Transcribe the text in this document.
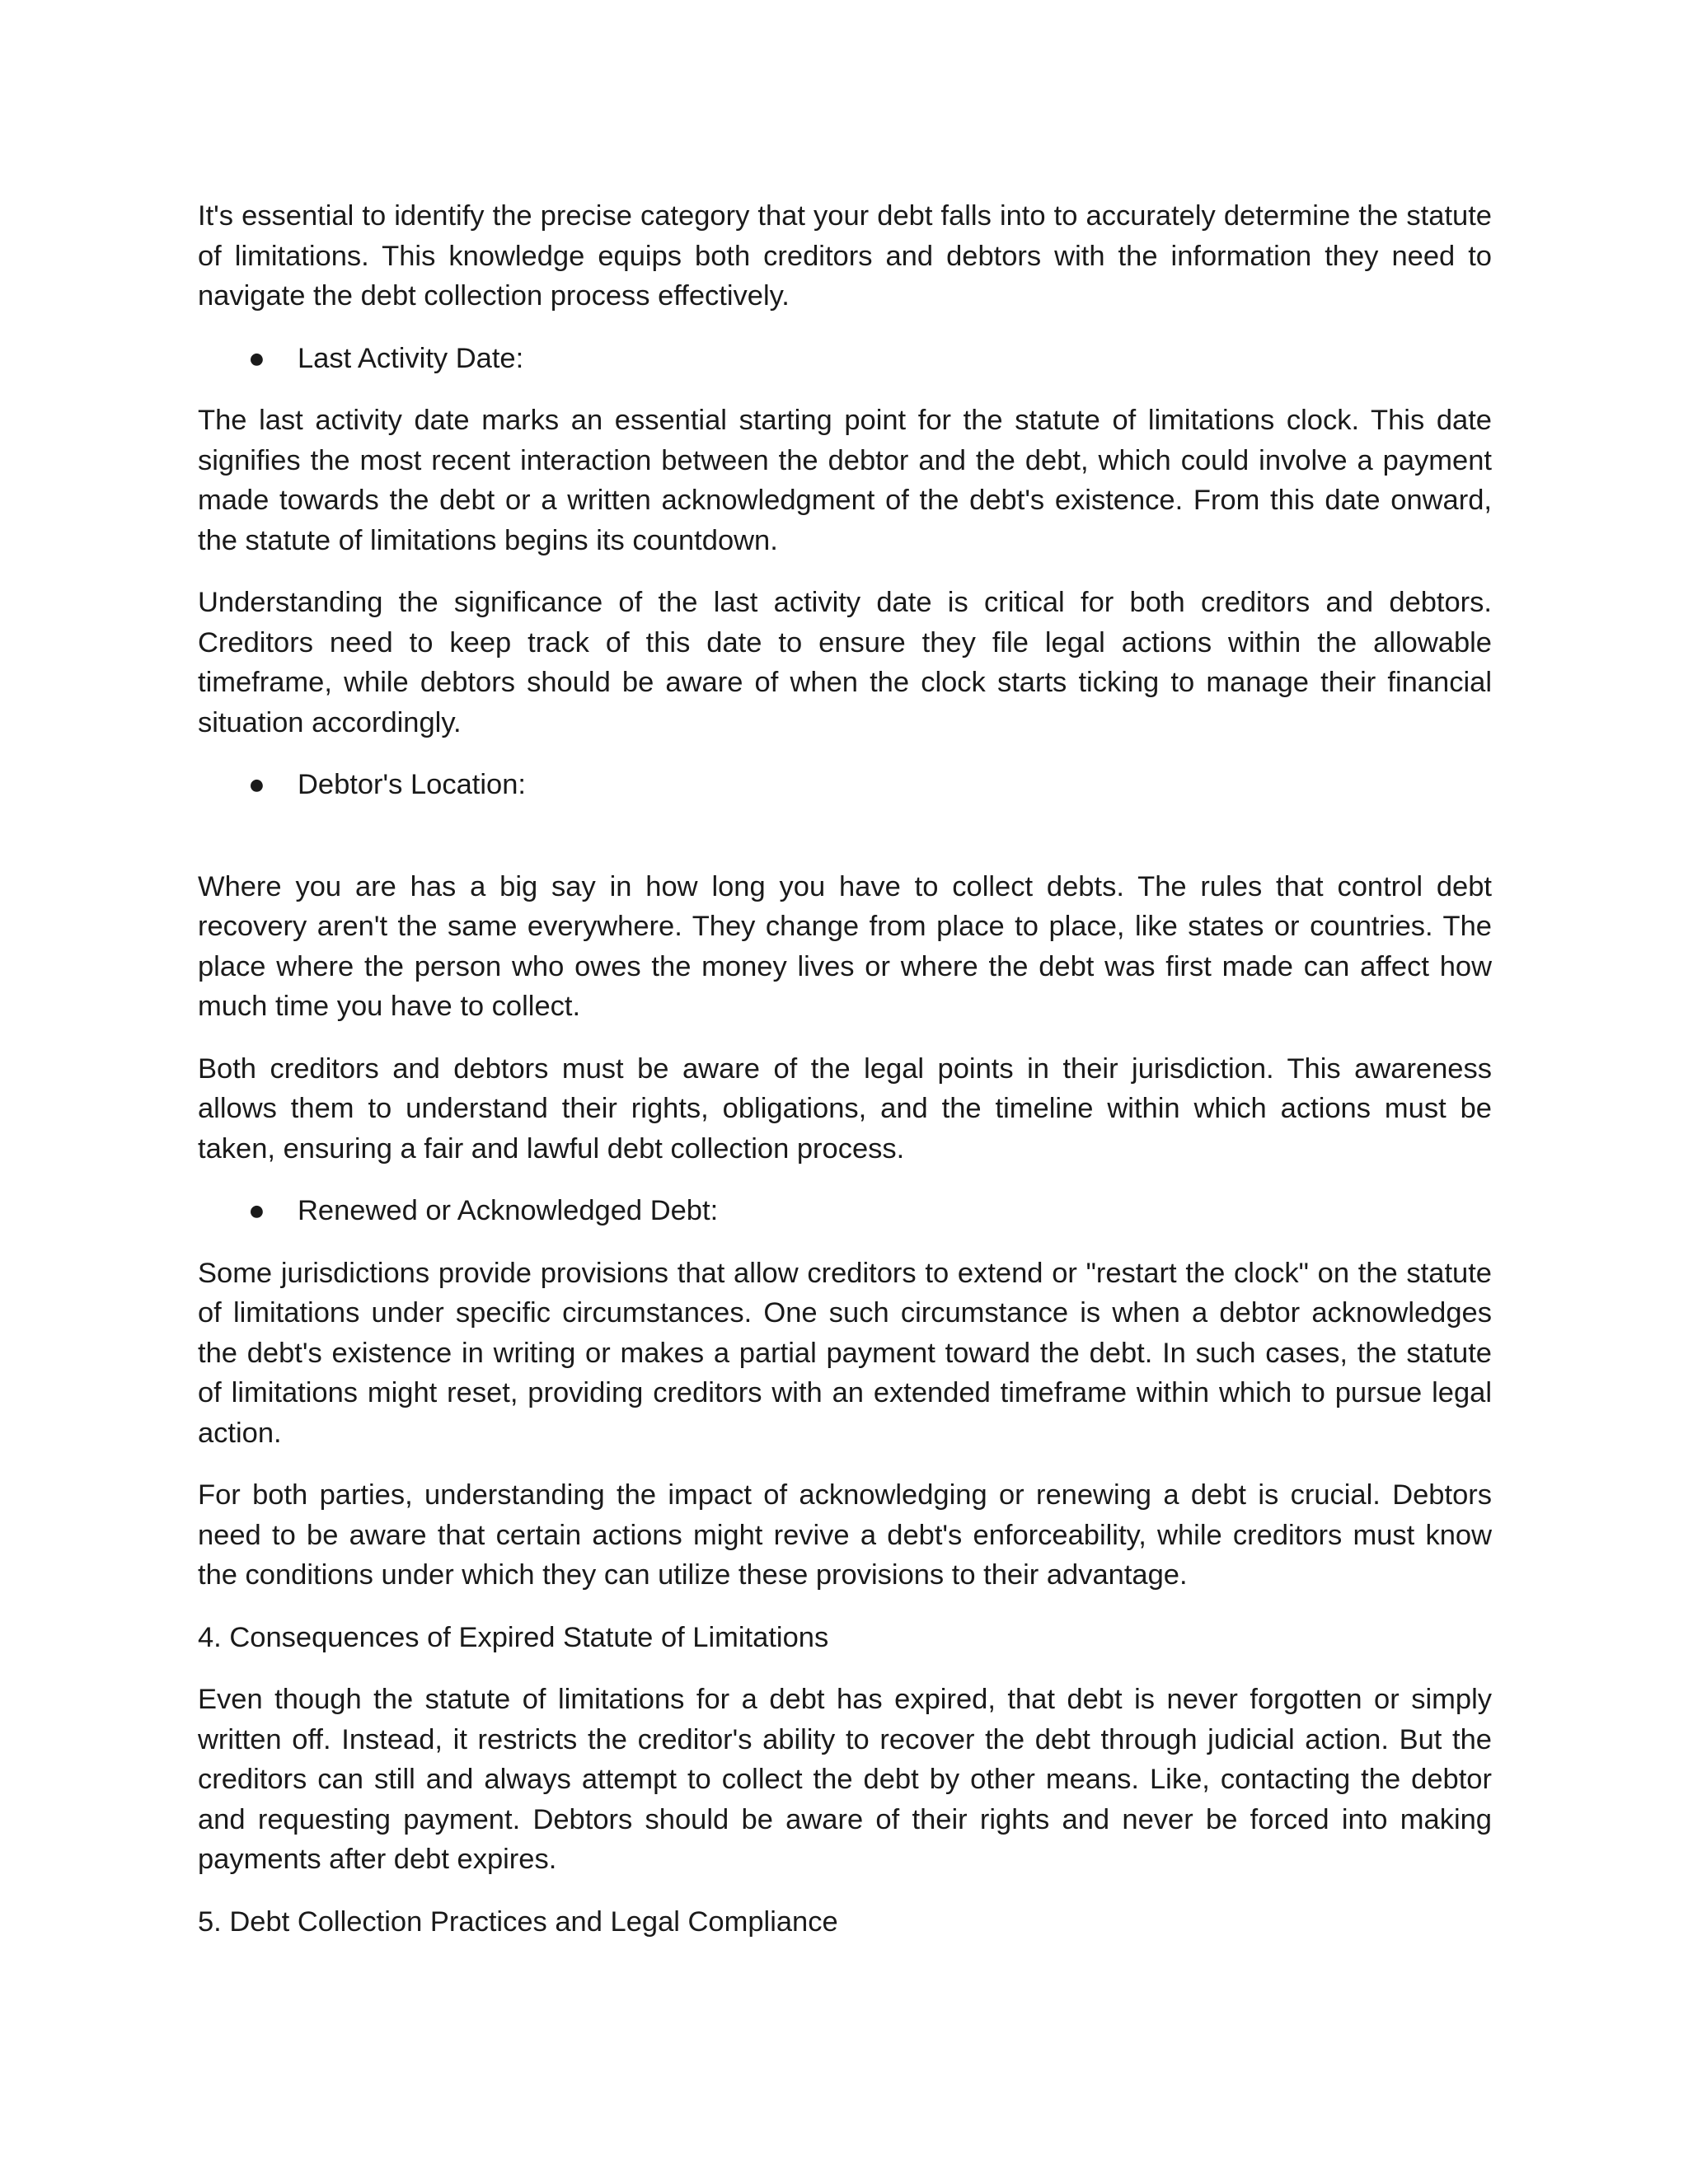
It's essential to identify the precise category that your debt falls into to accurately determine the statute of limitations. This knowledge equips both creditors and debtors with the information they need to navigate the debt collection process effectively.

●	Last Activity Date:

The last activity date marks an essential starting point for the statute of limitations clock. This date signifies the most recent interaction between the debtor and the debt, which could involve a payment made towards the debt or a written acknowledgment of the debt's existence. From this date onward, the statute of limitations begins its countdown.

Understanding the significance of the last activity date is critical for both creditors and debtors. Creditors need to keep track of this date to ensure they file legal actions within the allowable timeframe, while debtors should be aware of when the clock starts ticking to manage their financial situation accordingly.

●	Debtor's Location:

Where you are has a big say in how long you have to collect debts. The rules that control debt recovery aren't the same everywhere. They change from place to place, like states or countries. The place where the person who owes the money lives or where the debt was first made can affect how much time you have to collect.

Both creditors and debtors must be aware of the legal points in their jurisdiction. This awareness allows them to understand their rights, obligations, and the timeline within which actions must be taken, ensuring a fair and lawful debt collection process.

●	Renewed or Acknowledged Debt:

Some jurisdictions provide provisions that allow creditors to extend or "restart the clock" on the statute of limitations under specific circumstances. One such circumstance is when a debtor acknowledges the debt's existence in writing or makes a partial payment toward the debt. In such cases, the statute of limitations might reset, providing creditors with an extended timeframe within which to pursue legal action.

For both parties, understanding the impact of acknowledging or renewing a debt is crucial. Debtors need to be aware that certain actions might revive a debt's enforceability, while creditors must know the conditions under which they can utilize these provisions to their advantage.

4. Consequences of Expired Statute of Limitations

Even though the statute of limitations for a debt has expired, that debt is never forgotten or simply written off. Instead, it restricts the creditor's ability to recover the debt through judicial action. But the creditors can still and always attempt to collect the debt by other means. Like, contacting the debtor and requesting payment. Debtors should be aware of their rights and never be forced into making payments after debt expires.

5. Debt Collection Practices and Legal Compliance
